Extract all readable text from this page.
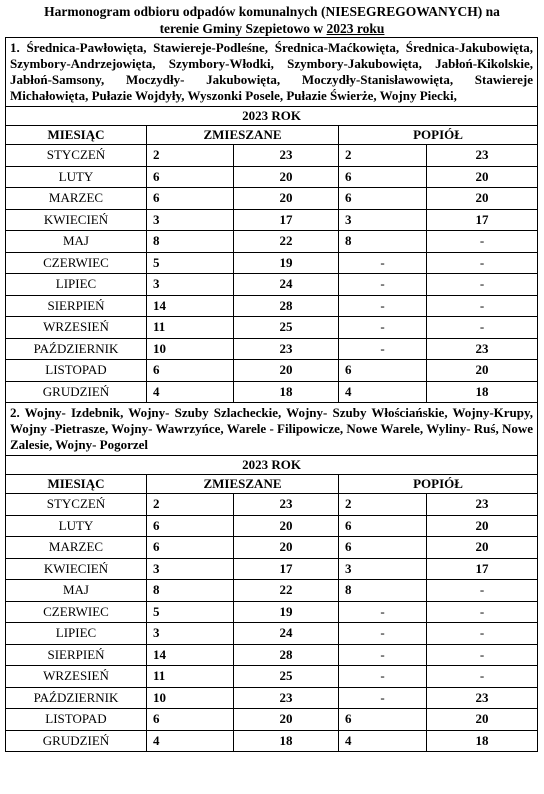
Harmonogram odbioru odpadów komunalnych (NIESEGREGOWANYCH) na
terenie Gminy Szepietowo w 2023 roku
1. Średnica-Pawłowięta, Stawiereje-Podleśne, Średnica-Maćkowięta, Średnica-Jakubowięta, Szymbory-Andrzejowięta, Szymbory-Włodki, Szymbory-Jakubowięta, Jabłoń-Kikolskie, Jabłoń-Samsony, Moczydły- Jakubowięta, Moczydły-Stanisławowięta, Stawiereje Michałowięta, Pułazie Wojdyły, Wyszonki Posele, Pułazie Świerże, Wojny Piecki,				
2023 ROK				
MIESIĄC	ZMIESZANE		POPIÓŁ	
STYCZEŃ	2	23	2	23
LUTY	6	20	6	20
MARZEC	6	20	6	20
KWIECIEŃ	3	17	3	17
MAJ	8	22	8	-
CZERWIEC	5	19	-	-
LIPIEC	3	24	-	-
SIERPIEŃ	14	28	-	-
WRZESIEŃ	11	25	-	-
PAŹDZIERNIK	10	23	-	23
LISTOPAD	6	20	6	20
GRUDZIEŃ	4	18	4	18
2. Wojny- Izdebnik, Wojny- Szuby Szlacheckie, Wojny- Szuby Włościańskie, Wojny-Krupy, Wojny -Pietrasze, Wojny- Wawrzyńce, Warele - Filipowicze, Nowe Warele, Wyliny- Ruś, Nowe Zalesie, Wojny- Pogorzel				
2023 ROK				
MIESIĄC	ZMIESZANE		POPIÓŁ	
STYCZEŃ	2	23	2	23
LUTY	6	20	6	20
MARZEC	6	20	6	20
KWIECIEŃ	3	17	3	17
MAJ	8	22	8	-
CZERWIEC	5	19	-	-
LIPIEC	3	24	-	-
SIERPIEŃ	14	28	-	-
WRZESIEŃ	11	25	-	-
PAŹDZIERNIK	10	23	-	23
LISTOPAD	6	20	6	20
GRUDZIEŃ	4	18	4	18
